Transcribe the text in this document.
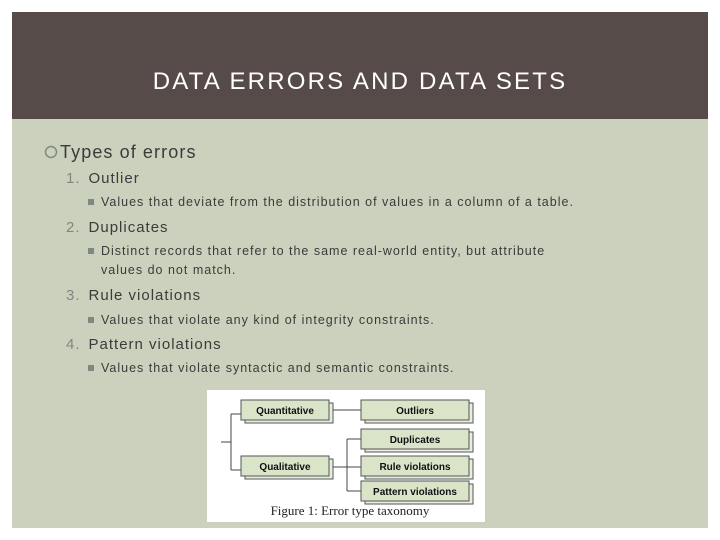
DATA ERRORS AND DATA SETS
Types of errors
1. Outlier
Values that deviate from the distribution of values in a column of a table.
2. Duplicates
Distinct records that refer to the same real-world entity, but attribute
values do not match.
3. Rule violations
Values that violate any kind of integrity constraints.
4. Pattern violations
Values that violate syntactic and semantic constraints.
Quantitative
Qualitative
Outliers
Duplicates
Rule violations
Pattern violations
Figure 1: Error type taxonomy
